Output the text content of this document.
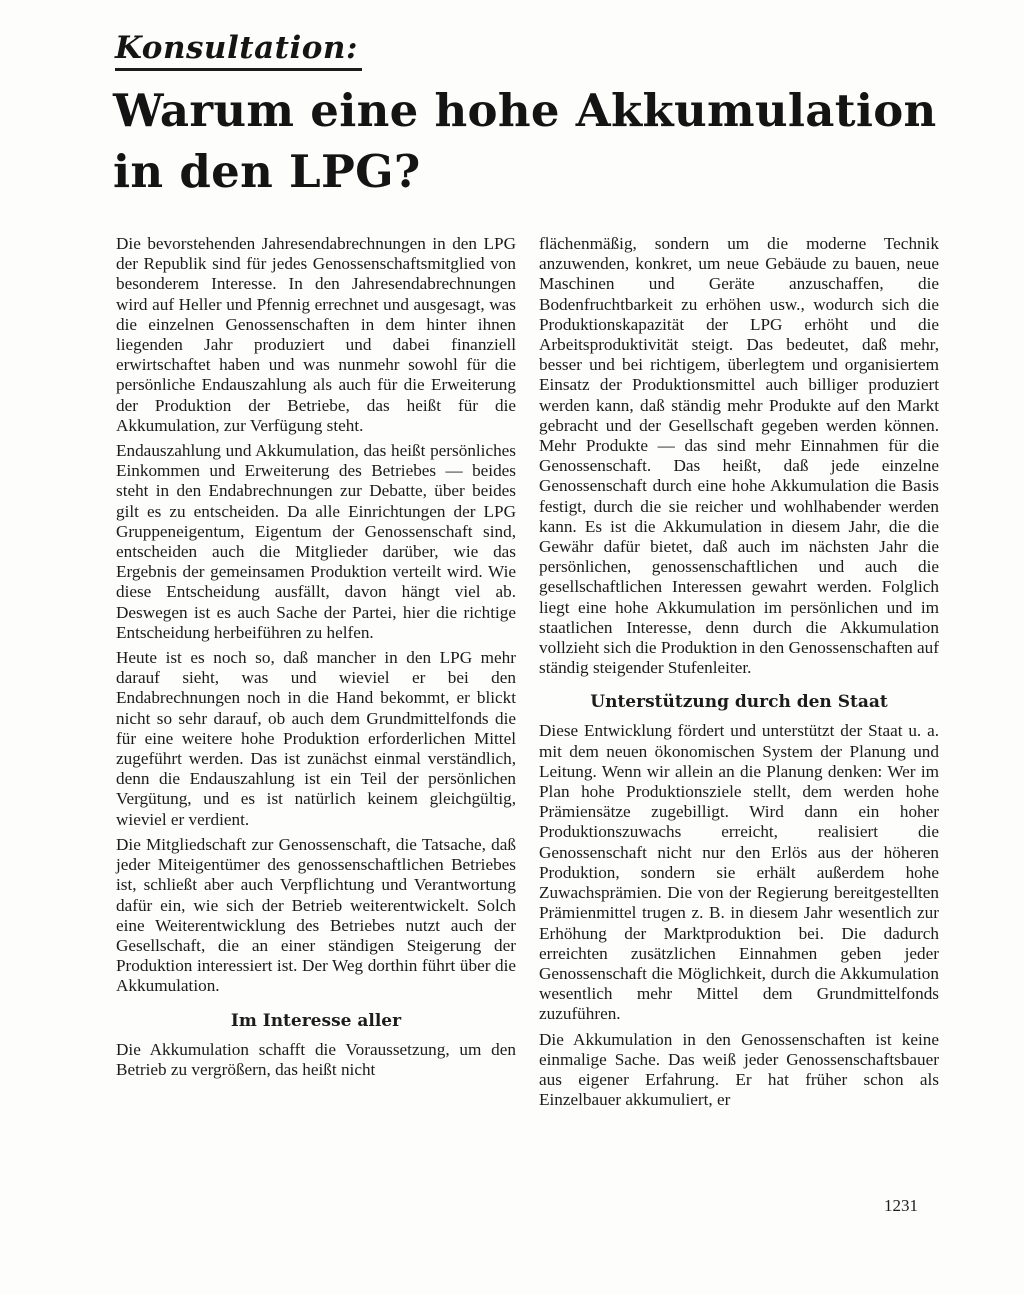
Konsultation:
Warum eine hohe Akkumulation in den LPG?

Die bevorstehenden Jahresendabrechnungen in den LPG der Republik sind für jedes Genossenschaftsmitglied von besonderem Interesse. In den Jahresendabrechnungen wird auf Heller und Pfennig errechnet und ausgesagt, was die einzelnen Genossenschaften in dem hinter ihnen liegenden Jahr produziert und dabei finanziell erwirtschaftet haben und was nunmehr sowohl für die persönliche Endauszahlung als auch für die Erweiterung der Produktion der Betriebe, das heißt für die Akkumulation, zur Verfügung steht.

Endauszahlung und Akkumulation, das heißt persönliches Einkommen und Erweiterung des Betriebes — beides steht in den Endabrechnungen zur Debatte, über beides gilt es zu entscheiden. Da alle Einrichtungen der LPG Gruppeneigentum, Eigentum der Genossenschaft sind, entscheiden auch die Mitglieder darüber, wie das Ergebnis der gemeinsamen Produktion verteilt wird. Wie diese Entscheidung ausfällt, davon hängt viel ab. Deswegen ist es auch Sache der Partei, hier die richtige Entscheidung herbeiführen zu helfen.

Heute ist es noch so, daß mancher in den LPG mehr darauf sieht, was und wieviel er bei den Endabrechnungen noch in die Hand bekommt, er blickt nicht so sehr darauf, ob auch dem Grundmittelfonds die für eine weitere hohe Produktion erforderlichen Mittel zugeführt werden. Das ist zunächst einmal verständlich, denn die Endauszahlung ist ein Teil der persönlichen Vergütung, und es ist natürlich keinem gleichgültig, wieviel er verdient.

Die Mitgliedschaft zur Genossenschaft, die Tatsache, daß jeder Miteigentümer des genossenschaftlichen Betriebes ist, schließt aber auch Verpflichtung und Verantwortung dafür ein, wie sich der Betrieb weiterentwickelt. Solch eine Weiterentwicklung des Betriebes nutzt auch der Gesellschaft, die an einer ständigen Steigerung der Produktion interessiert ist. Der Weg dorthin führt über die Akkumulation.

Im Interesse aller

Die Akkumulation schafft die Voraussetzung, um den Betrieb zu vergrößern, das heißt nicht

flächenmäßig, sondern um die moderne Technik anzuwenden, konkret, um neue Gebäude zu bauen, neue Maschinen und Geräte anzuschaffen, die Bodenfruchtbarkeit zu erhöhen usw., wodurch sich die Produktionskapazität der LPG erhöht und die Arbeitsproduktivität steigt. Das bedeutet, daß mehr, besser und bei richtigem, überlegtem und organisiertem Einsatz der Produktionsmittel auch billiger produziert werden kann, daß ständig mehr Produkte auf den Markt gebracht und der Gesellschaft gegeben werden können. Mehr Produkte — das sind mehr Einnahmen für die Genossenschaft. Das heißt, daß jede einzelne Genossenschaft durch eine hohe Akkumulation die Basis festigt, durch die sie reicher und wohlhabender werden kann. Es ist die Akkumulation in diesem Jahr, die die Gewähr dafür bietet, daß auch im nächsten Jahr die persönlichen, genossenschaftlichen und auch die gesellschaftlichen Interessen gewahrt werden. Folglich liegt eine hohe Akkumulation im persönlichen und im staatlichen Interesse, denn durch die Akkumulation vollzieht sich die Produktion in den Genossenschaften auf ständig steigender Stufenleiter.

Unterstützung durch den Staat

Diese Entwicklung fördert und unterstützt der Staat u. a. mit dem neuen ökonomischen System der Planung und Leitung. Wenn wir allein an die Planung denken: Wer im Plan hohe Produktionsziele stellt, dem werden hohe Prämiensätze zugebilligt. Wird dann ein hoher Produktionszuwachs erreicht, realisiert die Genossenschaft nicht nur den Erlös aus der höheren Produktion, sondern sie erhält außerdem hohe Zuwachsprämien. Die von der Regierung bereitgestellten Prämienmittel trugen z. B. in diesem Jahr wesentlich zur Erhöhung der Marktproduktion bei. Die dadurch erreichten zusätzlichen Einnahmen geben jeder Genossenschaft die Möglichkeit, durch die Akkumulation wesentlich mehr Mittel dem Grundmittelfonds zuzuführen.

Die Akkumulation in den Genossenschaften ist keine einmalige Sache. Das weiß jeder Genossenschaftsbauer aus eigener Erfahrung. Er hat früher schon als Einzelbauer akkumuliert, er

1231
